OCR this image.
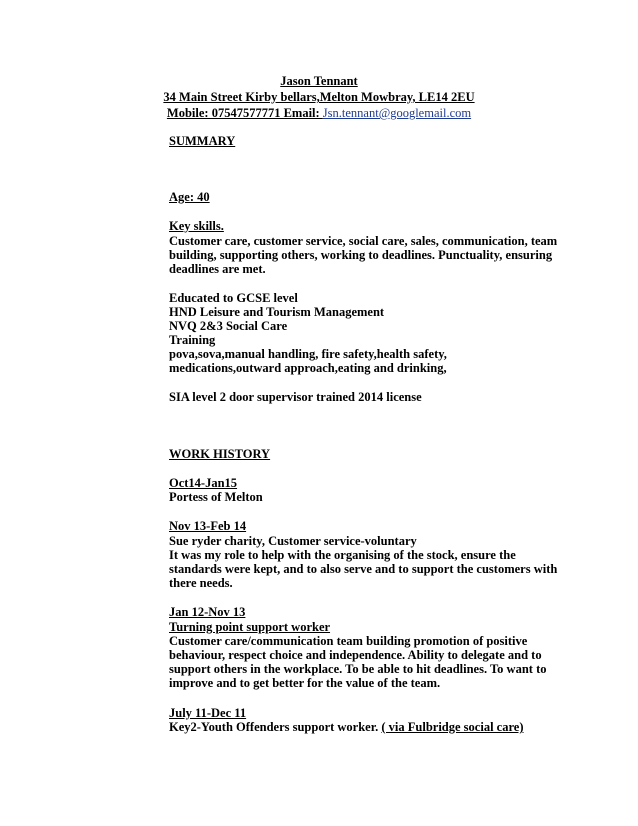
Jason Tennant

34 Main Street Kirby bellars,Melton Mowbray, LE14 2EU

Mobile: 07547577771 Email: Jsn.tennant@googlemail.com

SUMMARY

Age: 40

Key skills.

Customer care, customer service, social care, sales, communication, team

building, supporting others, working to deadlines. Punctuality, ensuring

deadlines are met.

Educated to GCSE level

HND Leisure and Tourism Management

NVQ 2&3 Social Care

Training

pova,sova,manual handling, fire safety,health safety,

medications,outward approach,eating and drinking,

SIA level 2 door supervisor trained 2014 license

WORK HISTORY

Oct14-Jan15

Portess of Melton

Nov 13-Feb 14

Sue ryder charity, Customer service-voluntary

It was my role to help with the organising of the stock, ensure the

standards were kept, and to also serve and to support the customers with

there needs.

Jan 12-Nov 13

Turning point support worker

Customer care/communication team building promotion of positive

behaviour, respect choice and independence. Ability to delegate and to

support others in the workplace. To be able to hit deadlines. To want to

improve and to get better for the value of the team.

July 11-Dec 11

Key2-Youth Offenders support worker. ( via Fulbridge social care)
